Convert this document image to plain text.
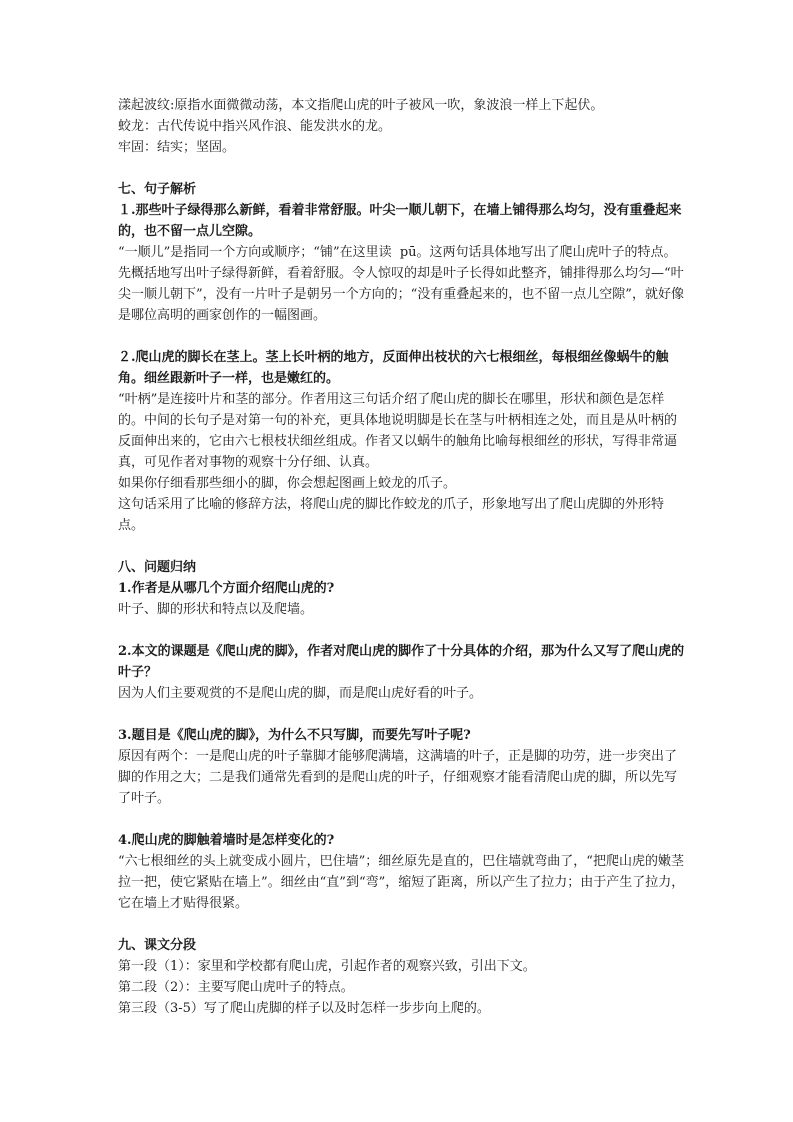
漾起波纹:原指水面微微动荡，本文指爬山虎的叶子被风一吹，象波浪一样上下起伏。

蛟龙：古代传说中指兴风作浪、能发洪水的龙。

牢固：结实；坚固。

七、句子解析

１.那些叶子绿得那么新鲜，看着非常舒服。叶尖一顺儿朝下，在墙上铺得那么均匀，没有重叠起来的，也不留一点儿空隙。

“一顺儿”是指同一个方向或顺序；“铺”在这里读  pū。这两句话具体地写出了爬山虎叶子的特点。先概括地写出叶子绿得新鲜，看着舒服。令人惊叹的却是叶子长得如此整齐，铺排得那么均匀—“叶尖一顺儿朝下”，没有一片叶子是朝另一个方向的；“没有重叠起来的，也不留一点儿空隙”，就好像是哪位高明的画家创作的一幅图画。

２.爬山虎的脚长在茎上。茎上长叶柄的地方，反面伸出枝状的六七根细丝，每根细丝像蜗牛的触角。细丝跟新叶子一样，也是嫩红的。

“叶柄”是连接叶片和茎的部分。作者用这三句话介绍了爬山虎的脚长在哪里，形状和颜色是怎样的。中间的长句子是对第一句的补充，更具体地说明脚是长在茎与叶柄相连之处，而且是从叶柄的反面伸出来的，它由六七根枝状细丝组成。作者又以蜗牛的触角比喻每根细丝的形状，写得非常逼真，可见作者对事物的观察十分仔细、认真。

如果你仔细看那些细小的脚，你会想起图画上蛟龙的爪子。

这句话采用了比喻的修辞方法，将爬山虎的脚比作蛟龙的爪子，形象地写出了爬山虎脚的外形特点。

八、问题归纳

1.作者是从哪几个方面介绍爬山虎的?

叶子、脚的形状和特点以及爬墙。

2.本文的课题是《爬山虎的脚》，作者对爬山虎的脚作了十分具体的介绍，那为什么又写了爬山虎的叶子？

因为人们主要观赏的不是爬山虎的脚，而是爬山虎好看的叶子。

3.题目是《爬山虎的脚》，为什么不只写脚，而要先写叶子呢?

原因有两个：一是爬山虎的叶子靠脚才能够爬满墙，这满墙的叶子，正是脚的功劳，进一步突出了脚的作用之大；二是我们通常先看到的是爬山虎的叶子，仔细观察才能看清爬山虎的脚，所以先写了叶子。

4.爬山虎的脚触着墙时是怎样变化的?

“六七根细丝的头上就变成小圆片，巴住墙”；细丝原先是直的，巴住墙就弯曲了，“把爬山虎的嫩茎拉一把，使它紧贴在墙上”。细丝由“直”到“弯”，缩短了距离，所以产生了拉力；由于产生了拉力，它在墙上才贴得很紧。

九、课文分段

第一段（1）：家里和学校都有爬山虎，引起作者的观察兴致，引出下文。

第二段（2）：主要写爬山虎叶子的特点。

第三段（3-5）写了爬山虎脚的样子以及时怎样一步步向上爬的。
